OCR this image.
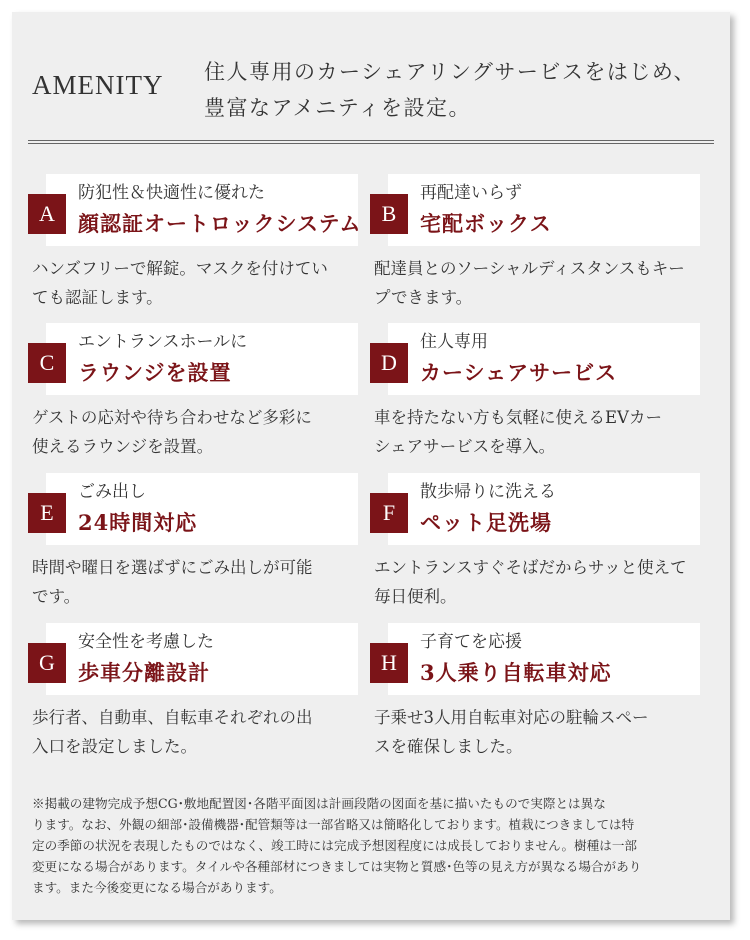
AMENITY 住人専用のカーシェアリングサービスをはじめ、
豊富なアメニティを設定。
A
防犯性＆快適性に優れた
顔認証オートロックシステム
ハンズフリーで解錠。マスクを付けてい
ても認証します。
B
再配達いらず
宅配ボックス
配達員とのソーシャルディスタンスもキー
プできます。
C
エントランスホールに
ラウンジを設置
ゲストの応対や待ち合わせなど多彩に
使えるラウンジを設置。
D
住人専用
カーシェアサービス
車を持たない方も気軽に使えるEVカー
シェアサービスを導入。
E
ごみ出し
24時間対応
時間や曜日を選ばずにごみ出しが可能
です。
F
散歩帰りに洗える
ペット足洗場
エントランスすぐそばだからサッと使えて
毎日便利。
G
安全性を考慮した
歩車分離設計
歩行者、自動車、自転車それぞれの出
入口を設定しました。
H
子育てを応援
3人乗り自転車対応
子乗せ3人用自転車対応の駐輪スペー
スを確保しました。
※掲載の建物完成予想CG･敷地配置図･各階平面図は計画段階の図面を基に描いたもので実際とは異な
ります。なお、外観の細部･設備機器･配管類等は一部省略又は簡略化しております。植栽につきましては特
定の季節の状況を表現したものではなく、竣工時には完成予想図程度には成長しておりません。樹種は一部
変更になる場合があります。タイルや各種部材につきましては実物と質感･色等の見え方が異なる場合があり
ます。また今後変更になる場合があります。
